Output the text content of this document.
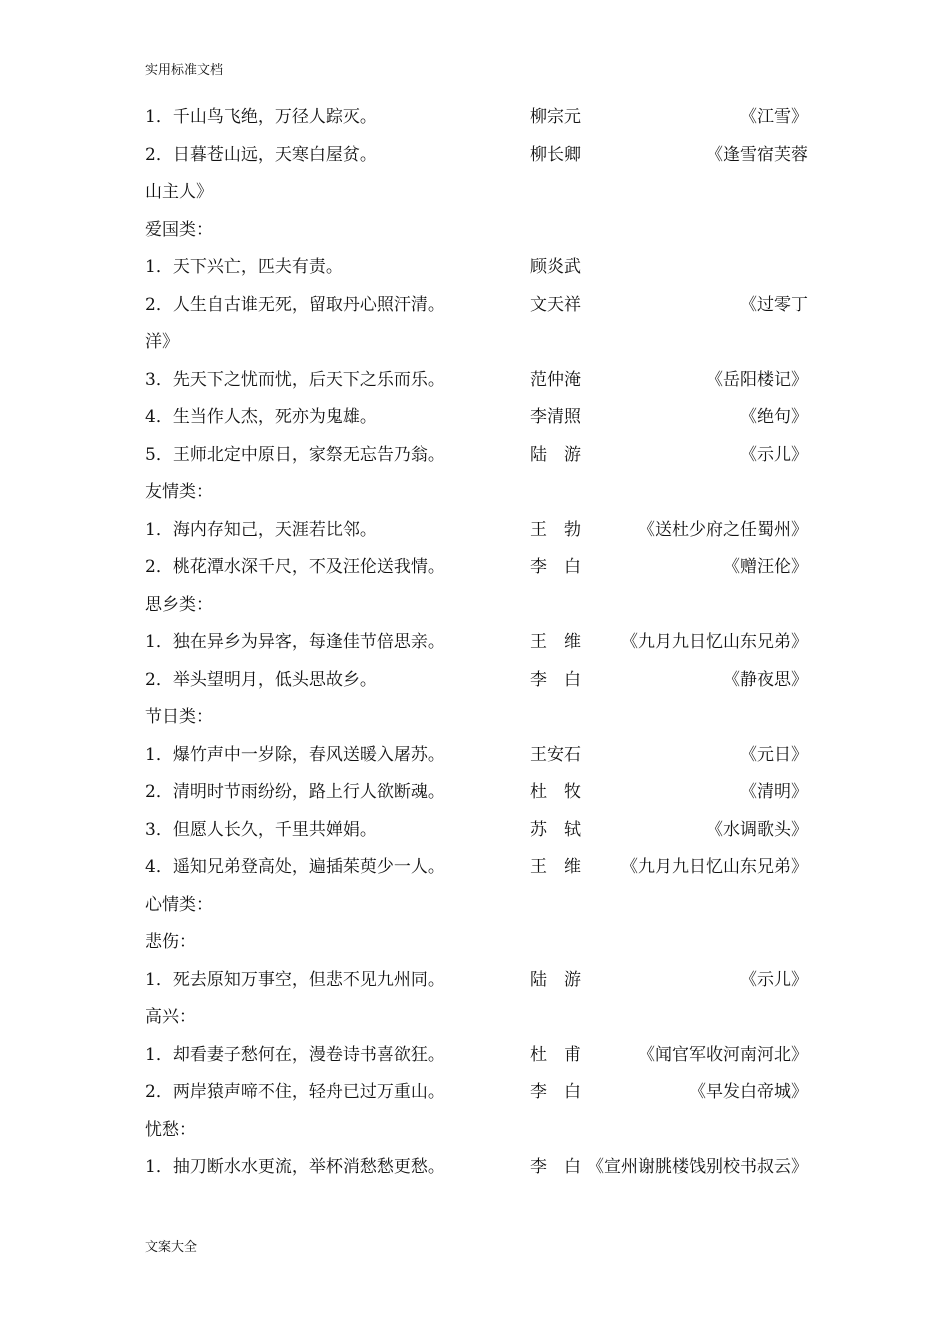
实用标准文档
1．千山鸟飞绝，万径人踪灭。	柳宗元	《江雪》
2．日暮苍山远，天寒白屋贫。	柳长卿	《逢雪宿芙蓉
山主人》
爱国类：
1．天下兴亡，匹夫有责。	顾炎武
2．人生自古谁无死，留取丹心照汗清。	文天祥	《过零丁
洋》
3．先天下之忧而忧，后天下之乐而乐。	范仲淹	《岳阳楼记》
4．生当作人杰，死亦为鬼雄。	李清照	《绝句》
5．王师北定中原日，家祭无忘告乃翁。	陆　游	《示儿》
友情类：
1．海内存知己，天涯若比邻。	王　勃	《送杜少府之任蜀州》
2．桃花潭水深千尺，不及汪伦送我情。	李　白	《赠汪伦》
思乡类：
1．独在异乡为异客，每逢佳节倍思亲。	王　维 《九月九日忆山东兄弟》
2．举头望明月，低头思故乡。	李　白	《静夜思》
节日类：
1．爆竹声中一岁除，春风送暖入屠苏。	王安石	《元日》
2．清明时节雨纷纷，路上行人欲断魂。	杜　牧	《清明》
3．但愿人长久，千里共婵娟。	苏　轼	《水调歌头》
4．遥知兄弟登高处，遍插茱萸少一人。	王　维 《九月九日忆山东兄弟》
心情类：
悲伤：
1．死去原知万事空，但悲不见九州同。	陆　游	《示儿》
高兴：
1．却看妻子愁何在，漫卷诗书喜欲狂。	杜　甫	《闻官军收河南河北》
2．两岸猿声啼不住，轻舟已过万重山。	李　白	《早发白帝城》
忧愁：
1．抽刀断水水更流，举杯消愁愁更愁。	李　白 《宣州谢朓楼饯别校书叔云》
文案大全
